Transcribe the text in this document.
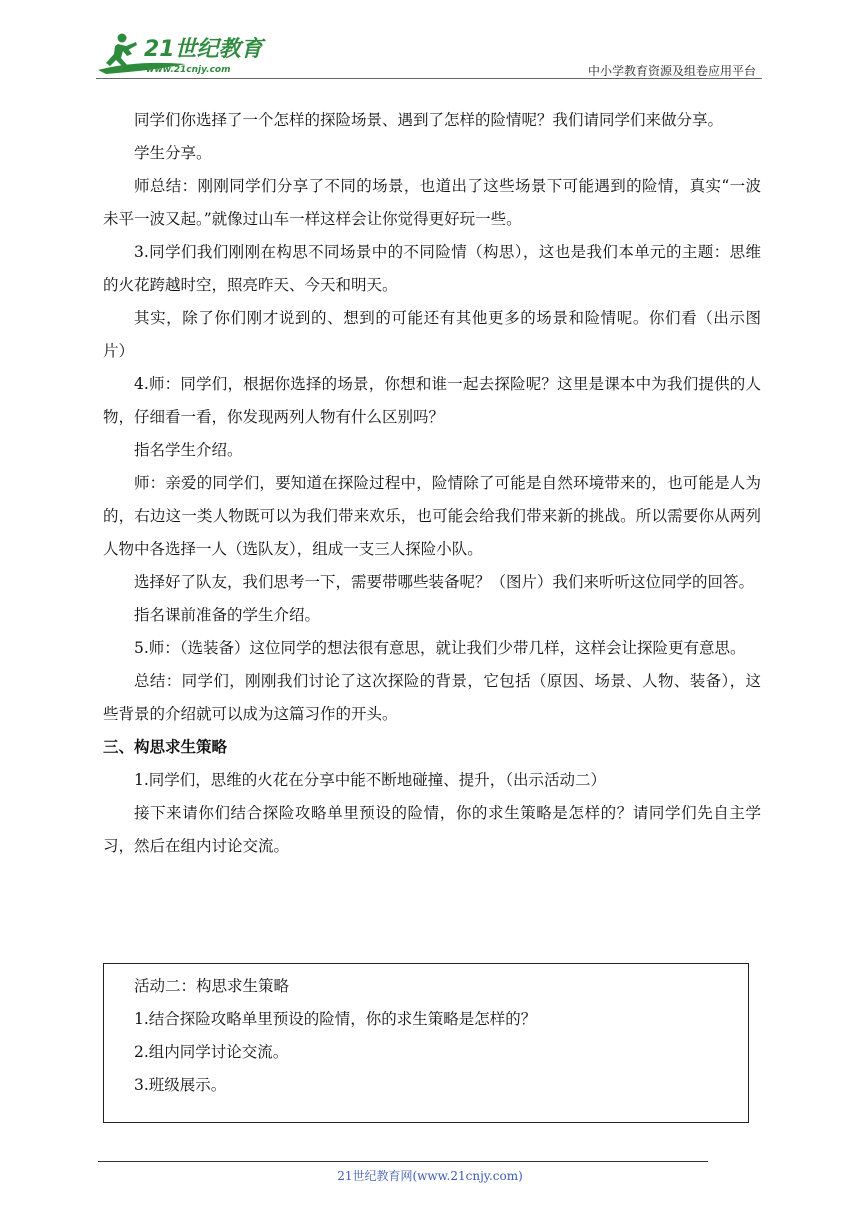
21世纪教育
www.21cnjy.com	中小学教育资源及组卷应用平台

同学们你选择了一个怎样的探险场景、遇到了怎样的险情呢？我们请同学们来做分享。

学生分享。

师总结：刚刚同学们分享了不同的场景，也道出了这些场景下可能遇到的险情，真实“一波未平一波又起。”就像过山车一样这样会让你觉得更好玩一些。

3.同学们我们刚刚在构思不同场景中的不同险情（构思），这也是我们本单元的主题：思维的火花跨越时空，照亮昨天、今天和明天。

其实，除了你们刚才说到的、想到的可能还有其他更多的场景和险情呢。你们看（出示图片）

4.师：同学们，根据你选择的场景，你想和谁一起去探险呢？这里是课本中为我们提供的人物，仔细看一看，你发现两列人物有什么区别吗？

指名学生介绍。

师：亲爱的同学们，要知道在探险过程中，险情除了可能是自然环境带来的，也可能是人为的，右边这一类人物既可以为我们带来欢乐，也可能会给我们带来新的挑战。所以需要你从两列人物中各选择一人（选队友），组成一支三人探险小队。

选择好了队友，我们思考一下，需要带哪些装备呢？（图片）我们来听听这位同学的回答。

指名课前准备的学生介绍。

5.师：（选装备）这位同学的想法很有意思，就让我们少带几样，这样会让探险更有意思。

总结：同学们，刚刚我们讨论了这次探险的背景，它包括（原因、场景、人物、装备），这些背景的介绍就可以成为这篇习作的开头。

三、构思求生策略

1.同学们，思维的火花在分享中能不断地碰撞、提升，（出示活动二）

接下来请你们结合探险攻略单里预设的险情，你的求生策略是怎样的？请同学们先自主学习，然后在组内讨论交流。

活动二：构思求生策略

1.结合探险攻略单里预设的险情，你的求生策略是怎样的？

2.组内同学讨论交流。

3.班级展示。

21世纪教育网(www.21cnjy.com)
